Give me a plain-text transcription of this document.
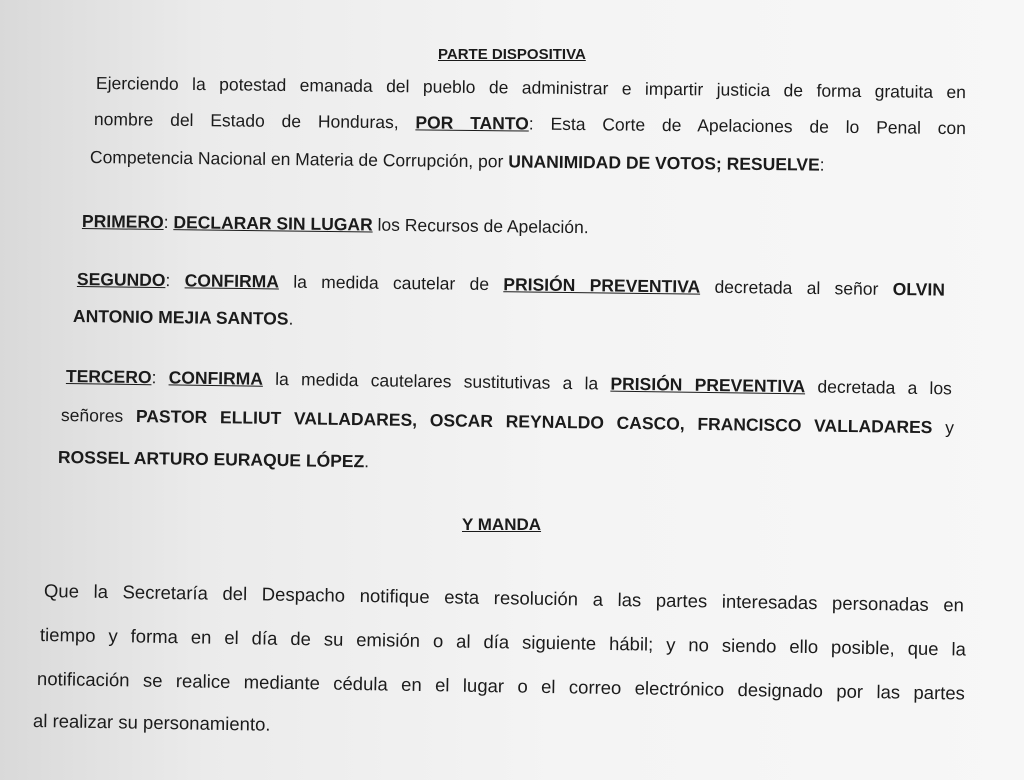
PARTE DISPOSITIVA
Ejerciendo la potestad emanada del pueblo de administrar e impartir justicia de forma gratuita en
nombre del Estado de Honduras, POR TANTO: Esta Corte de Apelaciones de lo Penal con
Competencia Nacional en Materia de Corrupción, por UNANIMIDAD DE VOTOS; RESUELVE:
PRIMERO: DECLARAR SIN LUGAR los Recursos de Apelación.
SEGUNDO: CONFIRMA la medida cautelar de PRISIÓN PREVENTIVA decretada al señor OLVIN
ANTONIO MEJIA SANTOS.
TERCERO: CONFIRMA la medida cautelares sustitutivas a la PRISIÓN PREVENTIVA decretada a los
señores PASTOR ELLIUT VALLADARES, OSCAR REYNALDO CASCO, FRANCISCO VALLADARES y
ROSSEL ARTURO EURAQUE LÓPEZ.
Y MANDA
Que la Secretaría del Despacho notifique esta resolución a las partes interesadas personadas en
tiempo y forma en el día de su emisión o al día siguiente hábil; y no siendo ello posible, que la
notificación se realice mediante cédula en el lugar o el correo electrónico designado por las partes
al realizar su personamiento.
